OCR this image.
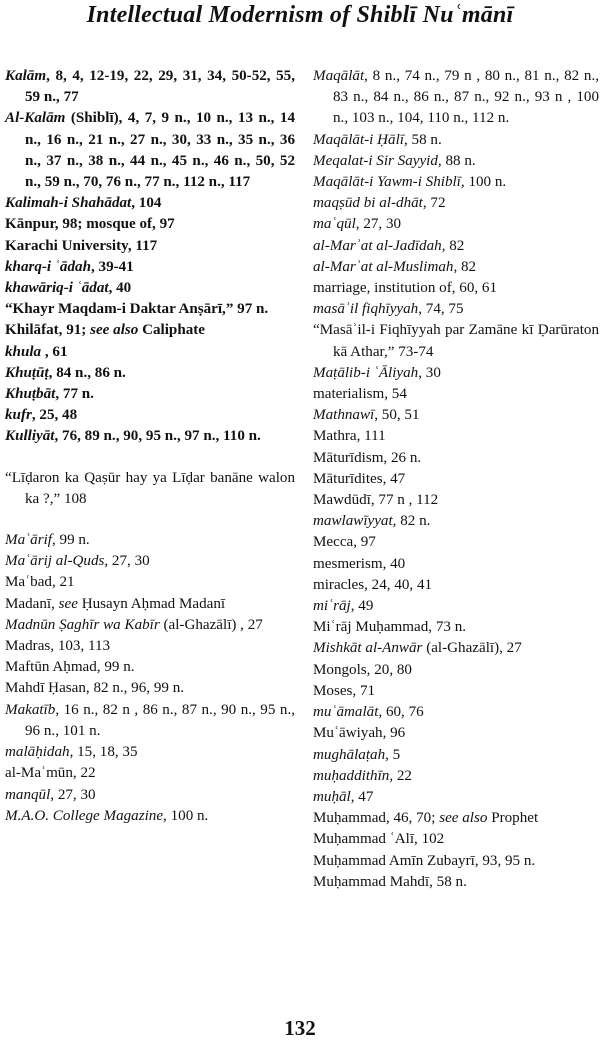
Intellectual Modernism of Shiblī Nuʿmānī

Kalām, 8, 4, 12-19, 22, 29, 31, 34, 50-52, 55, 59 n., 77

Al-Kalām (Shiblī), 4, 7, 9 n., 10 n., 13 n., 14 n., 16 n., 21 n., 27 n., 30, 33 n., 35 n., 36 n., 37 n., 38 n., 44 n., 45 n., 46 n., 50, 52 n., 59 n., 70, 76 n., 77 n., 112 n., 117

Kalimah-i Shahādat, 104

Kānpur, 98; mosque of, 97

Karachi University, 117

kharq-i ʿādah, 39-41

khawāriq-i ʿādat, 40

“Khayr Maqdam-i Daktar Anṣārī,” 97 n.

Khilāfat, 91; see also Caliphate

khula , 61

Khuṭūṭ, 84 n., 86 n.

Khuṭbāt, 77 n.

kufr, 25, 48

Kulliyāt, 76, 89 n., 90, 95 n., 97 n., 110 n.

“Līḍaron ka Qaṣūr hay ya Līḍar banāne walon ka ?,” 108

Maʿārif, 99 n.

Maʿārij al-Quds, 27, 30

Maʿbad, 21

Madanī, see Ḥusayn Aḥmad Madanī

Madnūn Ṣaghīr wa Kabīr (al-Ghazālī) , 27

Madras, 103, 113

Maftūn Aḥmad, 99 n.

Mahdī Ḥasan, 82 n., 96, 99 n.

Makatīb, 16 n., 82 n , 86 n., 87 n., 90 n., 95 n., 96 n., 101 n.

malāḥidah, 15, 18, 35

al-Maʾmūn, 22

manqūl, 27, 30

M.A.O. College Magazine, 100 n.

Maqālāt, 8 n., 74 n., 79 n , 80 n., 81 n., 82 n., 83 n., 84 n., 86 n., 87 n., 92 n., 93 n , 100 n., 103 n., 104, 110 n., 112 n.

Maqālāt-i Ḥālī, 58 n.

Meqalat-i Sir Sayyid, 88 n.

Maqālāt-i Yawm-i Shiblī, 100 n.

maqṣūd bi al-dhāt, 72

maʿqūl, 27, 30

al-Marʾat al-Jadīdah, 82

al-Marʾat al-Muslimah, 82

marriage, institution of, 60, 61

masāʾil fiqhīyyah, 74, 75

“Masāʾil-i Fiqhīyyah par Zamāne kī Ḍarūraton kā Athar,” 73-74

Maṭālib-i ʿĀliyah, 30

materialism, 54

Mathnawī, 50, 51

Mathra, 111

Māturīdism, 26 n.

Māturīdites, 47

Mawdūdī, 77 n , 112

mawlawīyyat, 82 n.

Mecca, 97

mesmerism, 40

miracles, 24, 40, 41

miʿrāj, 49

Miʿrāj Muḥammad, 73 n.

Mishkāt al-Anwār (al-Ghazālī), 27

Mongols, 20, 80

Moses, 71

muʿāmalāt, 60, 76

Muʿāwiyah, 96

mughālaṭah, 5

muḥaddithīn, 22

muḥāl, 47

Muḥammad, 46, 70; see also Prophet

Muḥammad ʿAlī, 102

Muḥammad Amīn Zubayrī, 93, 95 n.

Muḥammad Mahdī, 58 n.

132
